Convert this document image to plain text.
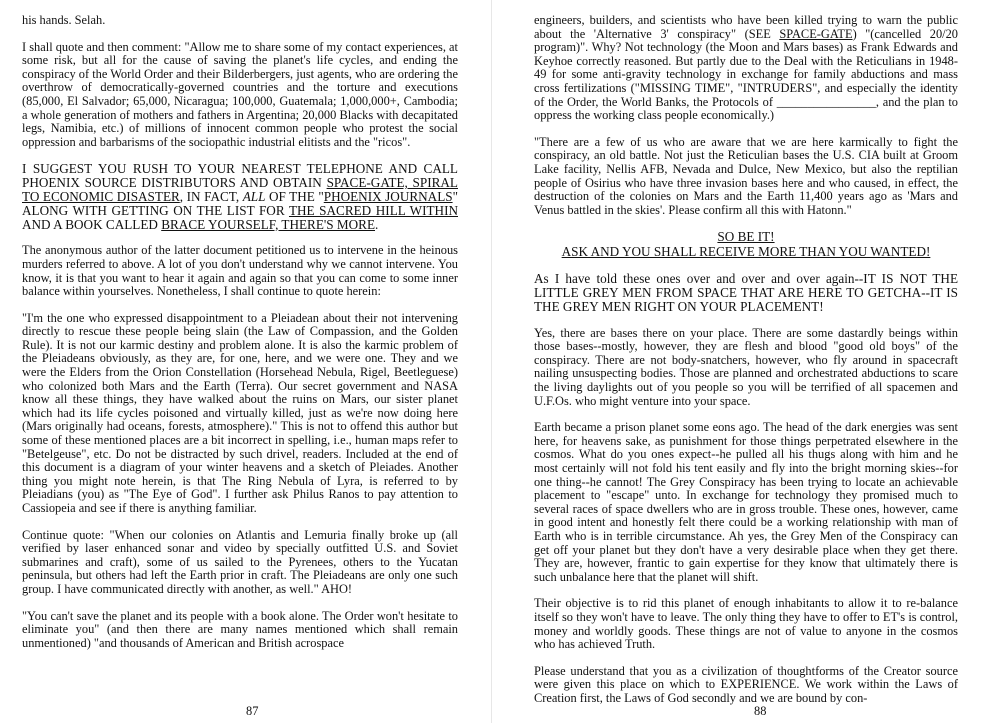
his hands. Selah.

I shall quote and then comment: "Allow me to share some of my contact experiences, at some risk, but all for the cause of saving the planet's life cycles, and ending the conspiracy of the World Order and their Bilderbergers, just agents, who are ordering the overthrow of democratically-governed countries and the torture and executions (85,000, El Salvador; 65,000, Nicaragua; 100,000, Guatemala; 1,000,000+, Cambodia; a whole generation of mothers and fathers in Argentina; 20,000 Blacks with decapitated legs, Namibia, etc.) of millions of innocent common people who protest the social oppression and barbarisms of the sociopathic industrial elitists and the "ricos".

I SUGGEST YOU RUSH TO YOUR NEAREST TELEPHONE AND CALL PHOENIX SOURCE DISTRIBUTORS AND OBTAIN SPACE-GATE, SPIRAL TO ECONOMIC DISASTER, IN FACT, ALL OF THE "PHOENIX JOURNALS" ALONG WITH GETTING ON THE LIST FOR THE SACRED HILL WITHIN AND A BOOK CALLED BRACE YOURSELF, THERE'S MORE.

The anonymous author of the latter document petitioned us to intervene in the heinous murders referred to above. A lot of you don't understand why we cannot intervene. You know, it is that you want to hear it again and again so that you can come to some inner balance within yourselves. Nonetheless, I shall continue to quote herein:

"I'm the one who expressed disappointment to a Pleiadean about their not intervening directly to rescue these people being slain (the Law of Compassion, and the Golden Rule). It is not our karmic destiny and problem alone. It is also the karmic problem of the Pleiadeans obviously, as they are, for one, here, and we were one. They and we were the Elders from the Orion Constellation (Horsehead Nebula, Rigel, Beetleguese) who colonized both Mars and the Earth (Terra). Our secret government and NASA know all these things, they have walked about the ruins on Mars, our sister planet which had its life cycles poisoned and virtually killed, just as we're now doing here (Mars originally had oceans, forests, atmosphere)." This is not to offend this author but some of these mentioned places are a bit incorrect in spelling, i.e., human maps refer to "Betelgeuse", etc. Do not be distracted by such drivel, readers. Included at the end of this document is a diagram of your winter heavens and a sketch of Pleiades. Another thing you might note herein, is that The Ring Nebula of Lyra, is referred to by Pleiadians (you) as "The Eye of God". I further ask Philus Ranos to pay attention to Cassiopeia and see if there is anything familiar.

Continue quote: "When our colonies on Atlantis and Lemuria finally broke up (all verified by laser enhanced sonar and video by specially outfitted U.S. and Soviet submarines and craft), some of us sailed to the Pyrenees, others to the Yucatan peninsula, but others had left the Earth prior in craft. The Pleiadeans are only one such group. I have communicated directly with another, as well." AHO!

"You can't save the planet and its people with a book alone. The Order won't hesitate to eliminate you" (and then there are many names mentioned which shall remain unmentioned) "and thousands of American and British acrospace

87

engineers, builders, and scientists who have been killed trying to warn the public about the 'Alternative 3' conspiracy" (SEE SPACE-GATE) "(cancelled 20/20 program)". Why? Not technology (the Moon and Mars bases) as Frank Edwards and Keyhoe correctly reasoned. But partly due to the Deal with the Reticulians in 1948-49 for some anti-gravity technology in exchange for family abductions and mass cross fertilizations ("MISSING TIME", "INTRUDERS", and especially the identity of the Order, the World Banks, the Protocols of ________________, and the plan to oppress the working class people economically.)

"There are a few of us who are aware that we are here karmically to fight the conspiracy, an old battle. Not just the Reticulian bases the U.S. CIA built at Groom Lake facility, Nellis AFB, Nevada and Dulce, New Mexico, but also the reptilian people of Osirius who have three invasion bases here and who caused, in effect, the destruction of the colonies on Mars and the Earth 11,400 years ago as 'Mars and Venus battled in the skies'. Please confirm all this with Hatonn."

SO BE IT!
ASK AND YOU SHALL RECEIVE MORE THAN YOU WANTED!

As I have told these ones over and over and over again--IT IS NOT THE LITTLE GREY MEN FROM SPACE THAT ARE HERE TO GETCHA--IT IS THE GREY MEN RIGHT ON YOUR PLACEMENT!

Yes, there are bases there on your place. There are some dastardly beings within those bases--mostly, however, they are flesh and blood "good old boys" of the conspiracy. There are not body-snatchers, however, who fly around in spacecraft nailing unsuspecting bodies. Those are planned and orchestrated abductions to scare the living daylights out of you people so you will be terrified of all spacemen and U.F.Os. who might venture into your space.

Earth became a prison planet some eons ago. The head of the dark energies was sent here, for heavens sake, as punishment for those things perpetrated elsewhere in the cosmos. What do you ones expect--he pulled all his thugs along with him and he most certainly will not fold his tent easily and fly into the bright morning skies--for one thing--he cannot! The Grey Conspiracy has been trying to locate an achievable placement to "escape" unto. In exchange for technology they promised much to several races of space dwellers who are in gross trouble. These ones, however, came in good intent and honestly felt there could be a working relationship with man of Earth who is in terrible circumstance. Ah yes, the Grey Men of the Conspiracy can get off your planet but they don't have a very desirable place when they get there. They are, however, frantic to gain expertise for they know that ultimately there is such unbalance here that the planet will shift.

Their objective is to rid this planet of enough inhabitants to allow it to re-balance itself so they won't have to leave. The only thing they have to offer to ET's is control, money and worldly goods. These things are not of value to anyone in the cosmos who has achieved Truth.

Please understand that you as a civilization of thoughtforms of the Creator source were given this place on which to EXPERIENCE. We work within the Laws of Creation first, the Laws of God secondly and we are bound by con-

88
